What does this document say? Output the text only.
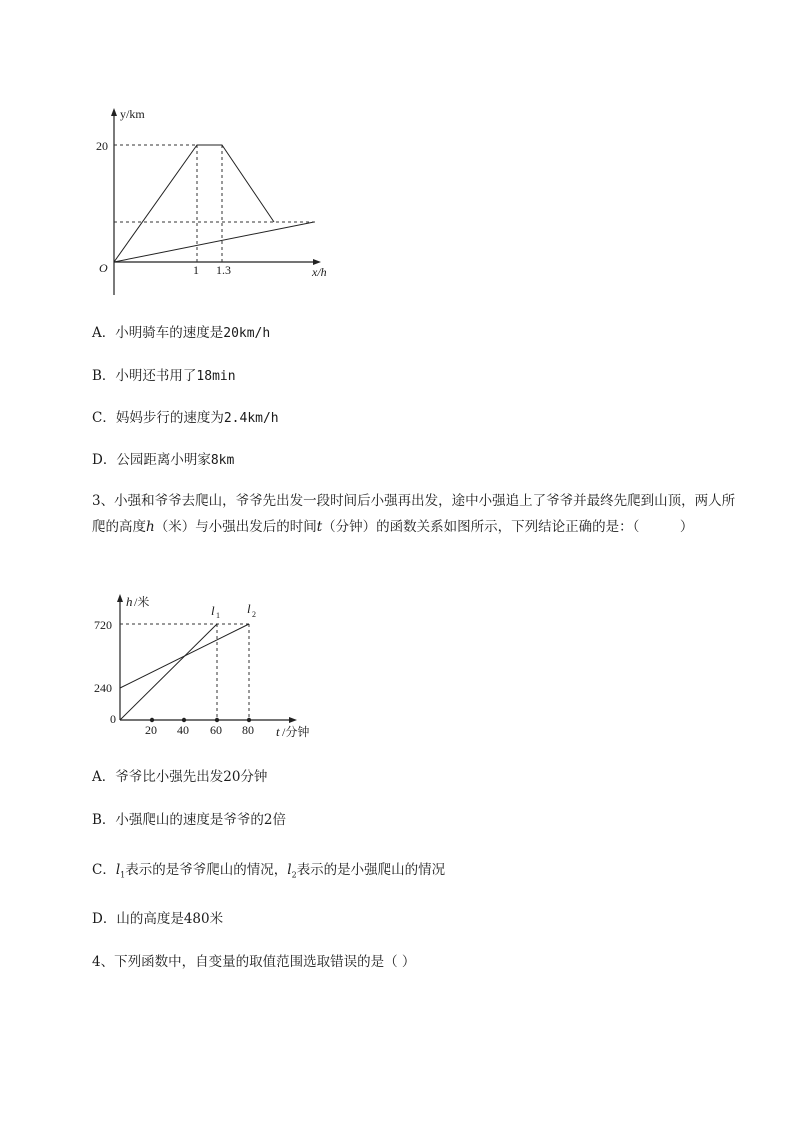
y/km
20
O	1 1.3	x/h
A．小明骑车的速度是20km/h
B．小明还书用了18min
C．妈妈步行的速度为2.4km/h
D．公园距离小明家8km
3、小强和爷爷去爬山，爷爷先出发一段时间后小强再出发，途中小强追上了爷爷并最终先爬到山顶，两人所爬的高度h（米）与小强出发后的时间t（分钟）的函数关系如图所示，下列结论正确的是：（　　　）
h /米
720
240
0
20 40 60 80 t /分钟
l 1 l 2
A．爷爷比小强先出发20分钟
B．小强爬山的速度是爷爷的2倍
C．$l_1$表示的是爷爷爬山的情况，$l_2$表示的是小强爬山的情况
D．山的高度是480米
4、下列函数中，自变量的取值范围选取错误的是（ ）
